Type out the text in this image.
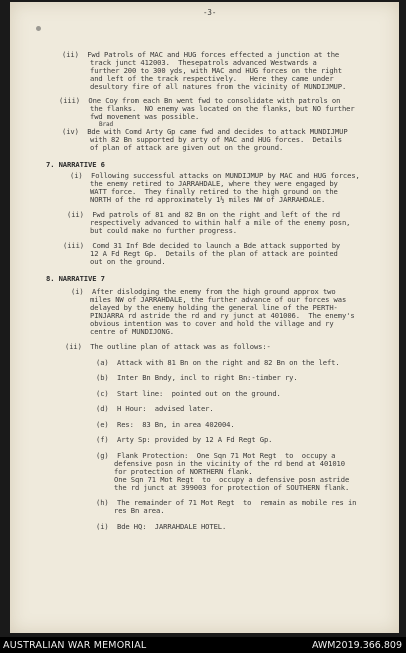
-3-
(ii)  Fwd Patrols of MAC and HUG forces effected a junction at the
track junct 412003.  Thesepatrols advanced Westwards a
further 200 to 300 yds, with MAC and HUG forces on the right
and left of the track respectively.   Here they came under
desultory fire of all natures from the vicinity of MUNDIJMUP.
(iii)  One Coy from each Bn went fwd to consolidate with patrols on
the flanks.  NO enemy was located on the flanks, but NO further
fwd movement was possible.
Brad
(iv)  Bde with Comd Arty Gp came fwd and decides to attack MUNDIJMUP
with 82 Bn supported by arty of MAC and HUG forces.  Details
of plan of attack are given out on the ground.
7. NARRATIVE 6
(i)  Following successful attacks on MUNDIJMUP by MAC and HUG forces,
the enemy retired to JARRAHDALE, where they were engaged by
WATT force.  They finally retired to the high ground on the
NORTH of the rd approximately 1½ miles NW of JARRAHDALE.
(ii)  Fwd patrols of 81 and 82 Bn on the right and left of the rd
respectively advanced to within half a mile of the enemy posn,
but could make no further progress.
(iii)  Comd 31 Inf Bde decided to launch a Bde attack supported by
12 A Fd Regt Gp.  Details of the plan of attack are pointed
out on the ground.
8. NARRATIVE 7
(i)  After dislodging the enemy from the high ground approx two
miles NW of JARRAHDALE, the further advance of our forces was
delayed by the enemy holding the general line of the PERTH-
PINJARRA rd astride the rd and ry junct at 401006.  The enemy's
obvious intention was to cover and hold the village and ry
centre of MUNDIJONG.
(ii)  The outline plan of attack was as follows:-
(a)  Attack with 81 Bn on the right and 82 Bn on the left.
(b)  Inter Bn Bndy, incl to right Bn:-timber ry.
(c)  Start line:  pointed out on the ground.
(d)  H Hour:  advised later.
(e)  Res:  83 Bn, in area 402004.
(f)  Arty Sp: provided by 12 A Fd Regt Gp.
(g)  Flank Protection:  One Sqn 71 Mot Regt  to  occupy a
defensive posn in the vicinity of the rd bend at 401010
for protection of NORTHERN flank.
One Sqn 71 Mot Regt  to  occupy a defensive posn astride
the rd junct at 399003 for protection of SOUTHERN flank.
(h)  The remainder of 71 Mot Regt  to  remain as mobile res in
res Bn area.
(i)  Bde HQ:  JARRAHDALE HOTEL.
AUSTRALIAN WAR MEMORIAL	AWM2019.366.809
